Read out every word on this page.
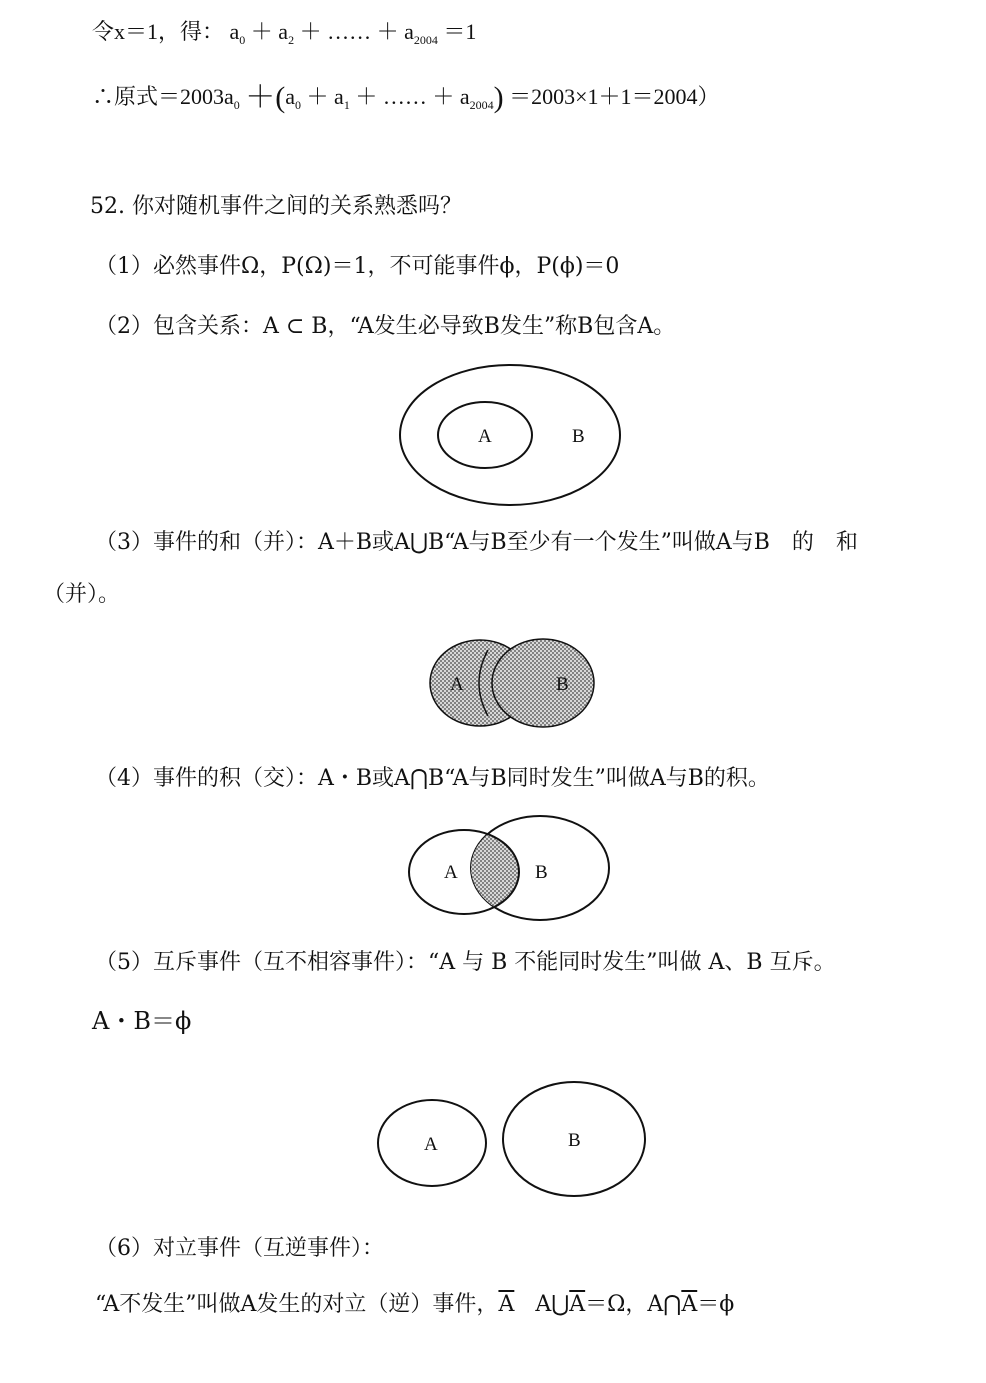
令x＝1，得： $a_0 + a_2$ ＋ …… ＋ $a_{2004} =1$
∴原式$=2003a_0 +(a_0 + a_1$ ＋ …… ＋ $a_{2004}) =2003\times 1+1=2004$）
52. 你对随机事件之间的关系熟悉吗？
（1）必然事件Ω，P(Ω)＝1，不可能事件ϕ，P(ϕ)＝0
（2）包含关系：A ⊂ B，“A发生必导致B发生”称B包含A。
（3）事件的和（并）：A＋B或A⋃B“A与B至少有一个发生”叫做A与B　的　和
（并）。
（4）事件的积（交）：A・B或A⋂B“A与B同时发生”叫做A与B的积。
（5）互斥事件（互不相容事件）：“A 与 B 不能同时发生”叫做 A、B 互斥。
A・B＝ϕ
（6）对立事件（互逆事件）：
“A不发生”叫做A发生的对立（逆）事件，$\overline{A}$ $A⋃\overline{A}=\Omega$，$A⋂\overline{A}=\phi$
A	B
A	B
A	B
A	B
